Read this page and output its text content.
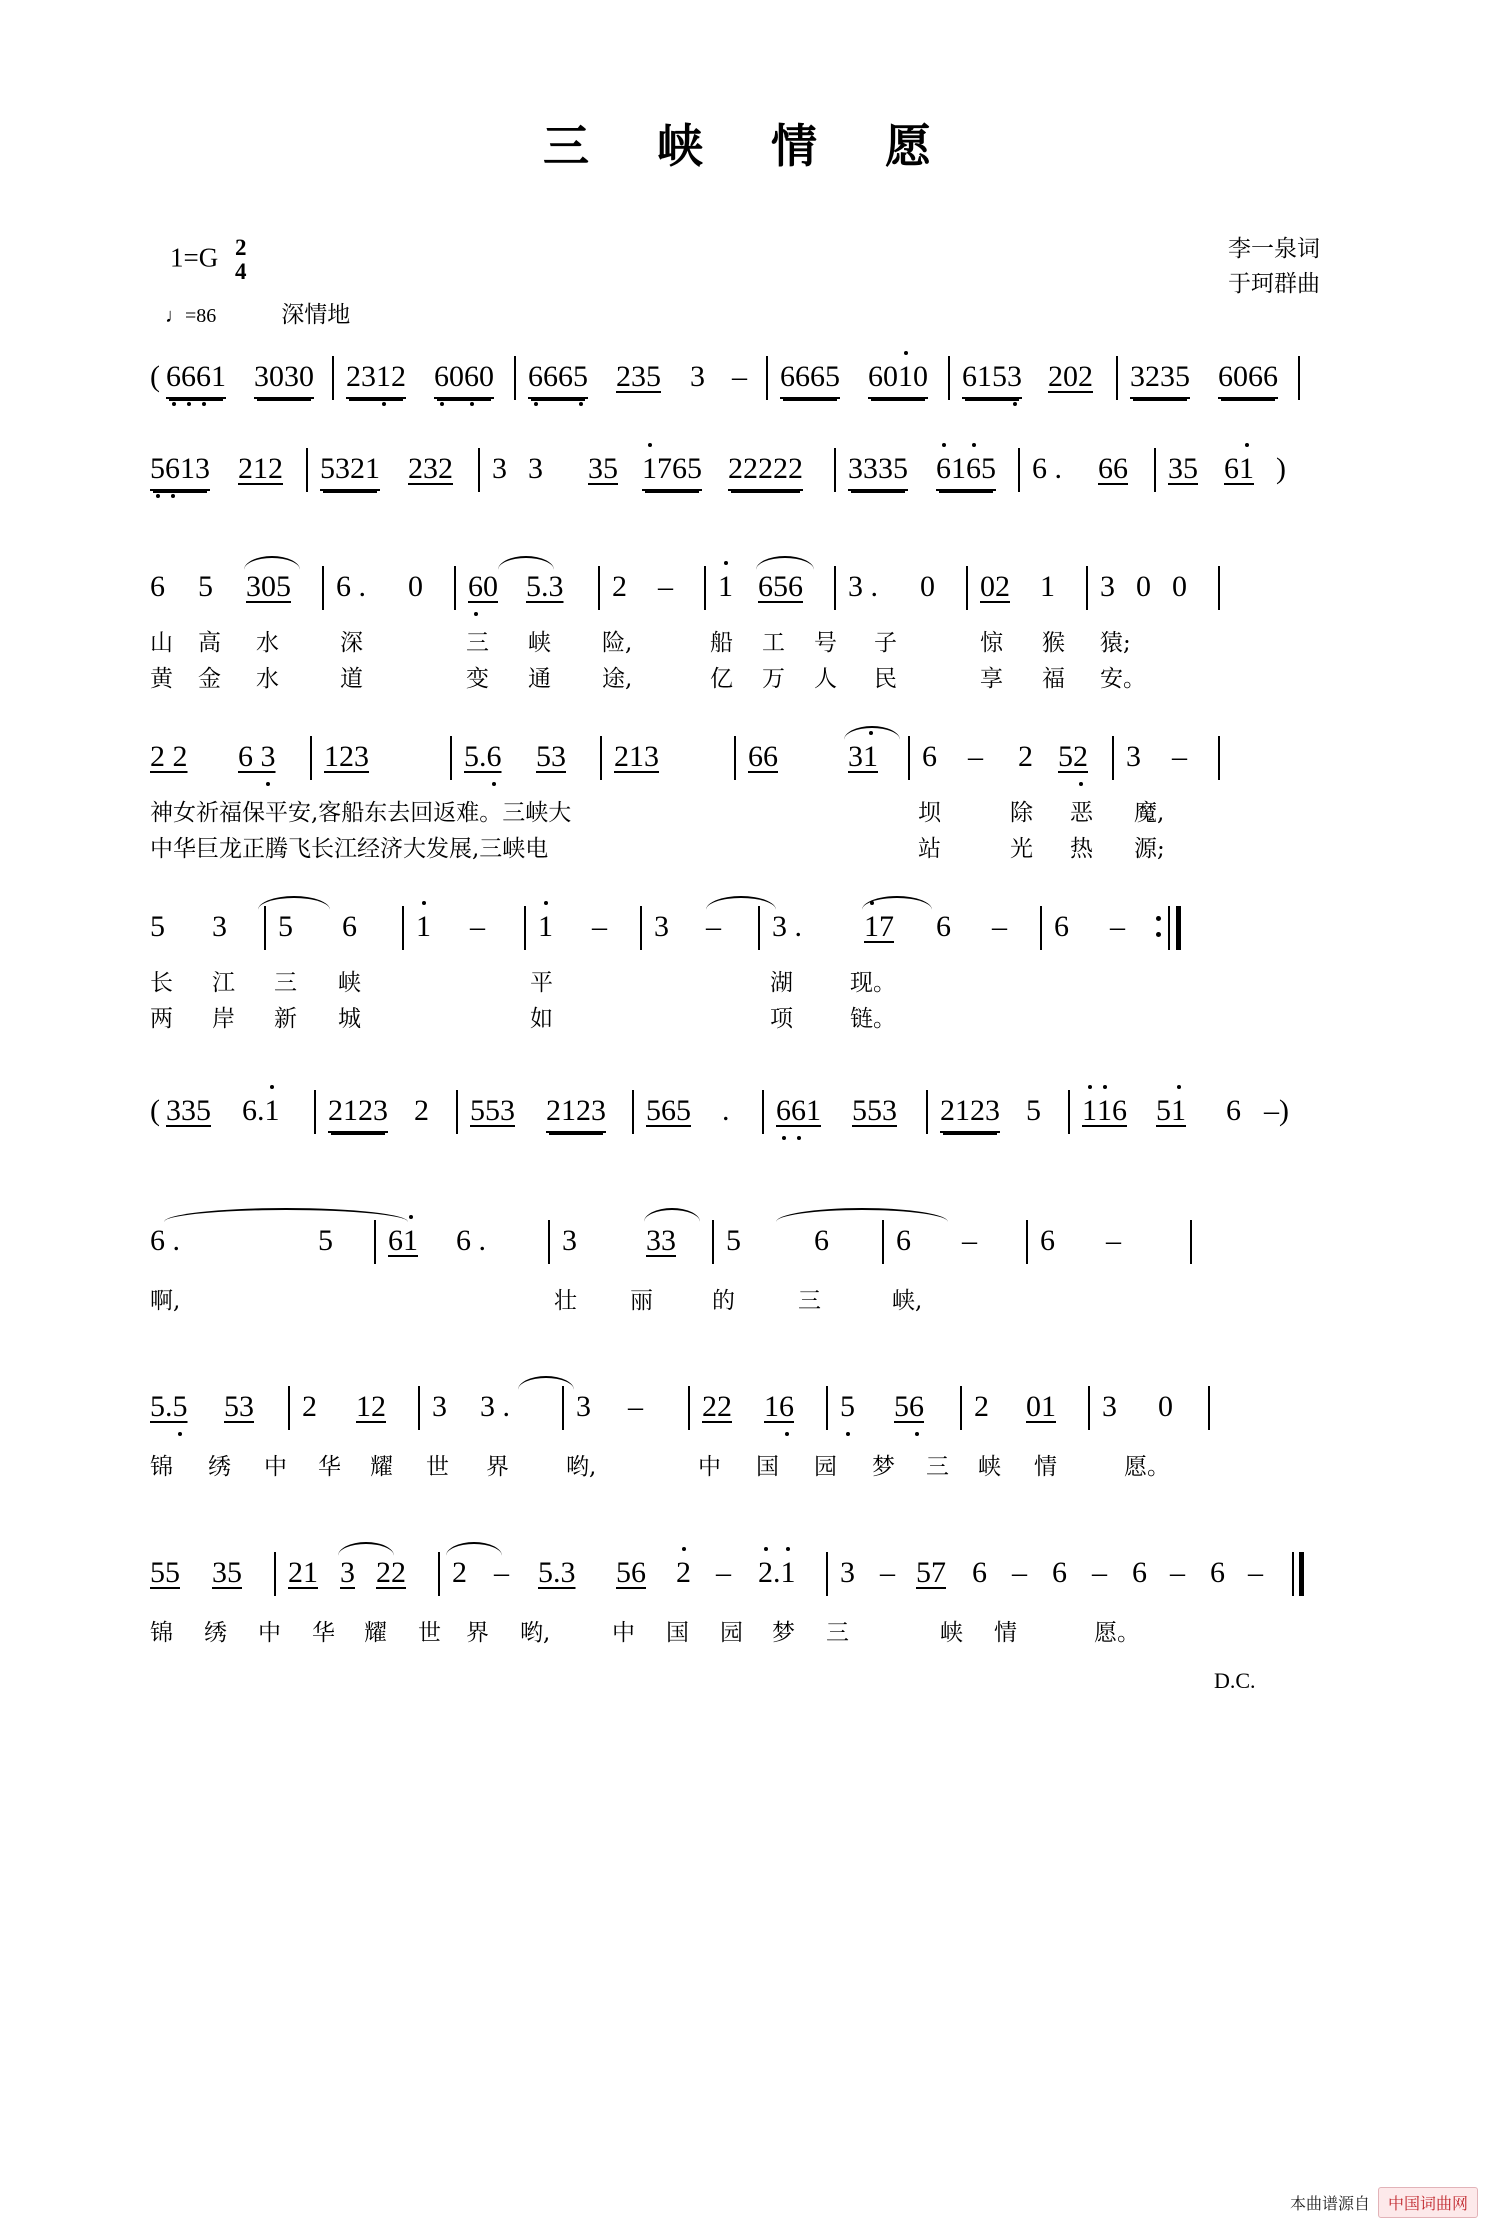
三 峡 情 愿
1=G 2
4
李一泉词
于珂群曲
♩=86	深情地
( 6661 3030 2312 6060 6665 235 3 – 6665 6010 6153 202 3235 6066
5613 212 5321 232 3 3 35 1765 22222 3335 6165 6 . 66 35 61 )
6 5 305 6 . 0 60 5.3 2 – 1 656 3 . 0 02 1 3 0 0
山 高 水	深	三 峡 险,	船 工 号 子	惊 猴 猿;
黄 金 水	道	变 通 途,	亿 万 人 民	享 福 安。
2 2 6 3 123	5.6 53 213	66 31 6 – 2 52 3 –
神女祈福保平安,客船东去回返难。三峡大	坝	除 恶 魔,
中华巨龙正腾飞长江经济大发展,三峡电	站	光 热 源;
5 3 5 6 1 – 1 – 3 – 3 . 17 6 – 6 –
长 江 三 峡	平	湖 现。
两 岸 新 城	如	项 链。
( 335 6.1 2123 2 553 2123 565 . 661 553 2123 5 116 51 6 –)
6 .	5 61 6 .	3 33 5 6 6 – 6 –
啊,	壮 丽	的	三	峡,
5.5 53 2 12 3 3 . 3 – 22 16 5 56 2 01 3 0
锦 绣 中 华 耀 世 界 哟,	中 国 园 梦 三 峡 情	愿。
55 35 21 3 22 2 – 5.3 56 2 – 2.1 3 – 57 6 – 6 – 6 – 6 –
锦 绣 中 华 耀 世 界 哟,	中 国 园 梦 三	峡 情	愿。
D.C.
本曲谱源自	中国词曲网
